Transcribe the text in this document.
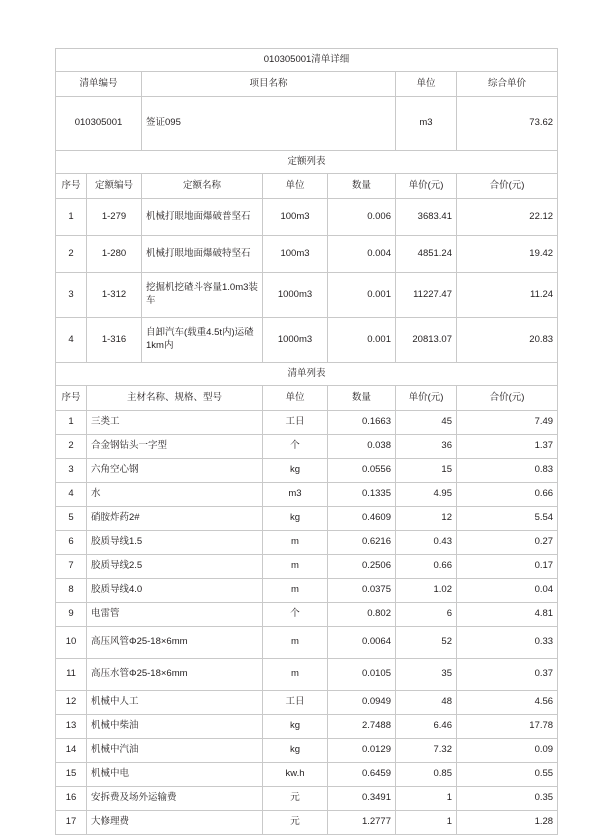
010305001清单详细						
清单编号		项目名称			单位	综合单价
010305001		签证095			m3	73.62
定额列表						
序号	定额编号	定额名称	单位	数量	单价(元)	合价(元)
1	1-279	机械打眼地面爆破普坚石	100m3	0.006	3683.41	22.12
2	1-280	机械打眼地面爆破特坚石	100m3	0.004	4851.24	19.42
3	1-312	挖掘机挖碴斗容量1.0m3装车	1000m3	0.001	11227.47	11.24
4	1-316	自卸汽车(载重4.5t内)运碴1km内	1000m3	0.001	20813.07	20.83
清单列表						
序号	主材名称、规格、型号		单位	数量	单价(元)	合价(元)
1	三类工		工日	0.1663	45	7.49
2	合金钢钻头一字型		个	0.038	36	1.37
3	六角空心钢		kg	0.0556	15	0.83
4	水		m3	0.1335	4.95	0.66
5	硝胺炸药2#		kg	0.4609	12	5.54
6	胶质导线1.5		m	0.6216	0.43	0.27
7	胶质导线2.5		m	0.2506	0.66	0.17
8	胶质导线4.0		m	0.0375	1.02	0.04
9	电雷管		个	0.802	6	4.81
10	高压风管Φ25-18×6mm		m	0.0064	52	0.33
11	高压水管Φ25-18×6mm		m	0.0105	35	0.37
12	机械中人工		工日	0.0949	48	4.56
13	机械中柴油		kg	2.7488	6.46	17.78
14	机械中汽油		kg	0.0129	7.32	0.09
15	机械中电		kw.h	0.6459	0.85	0.55
16	安拆费及场外运输费		元	0.3491	1	0.35
17	大修理费		元	1.2777	1	1.28
